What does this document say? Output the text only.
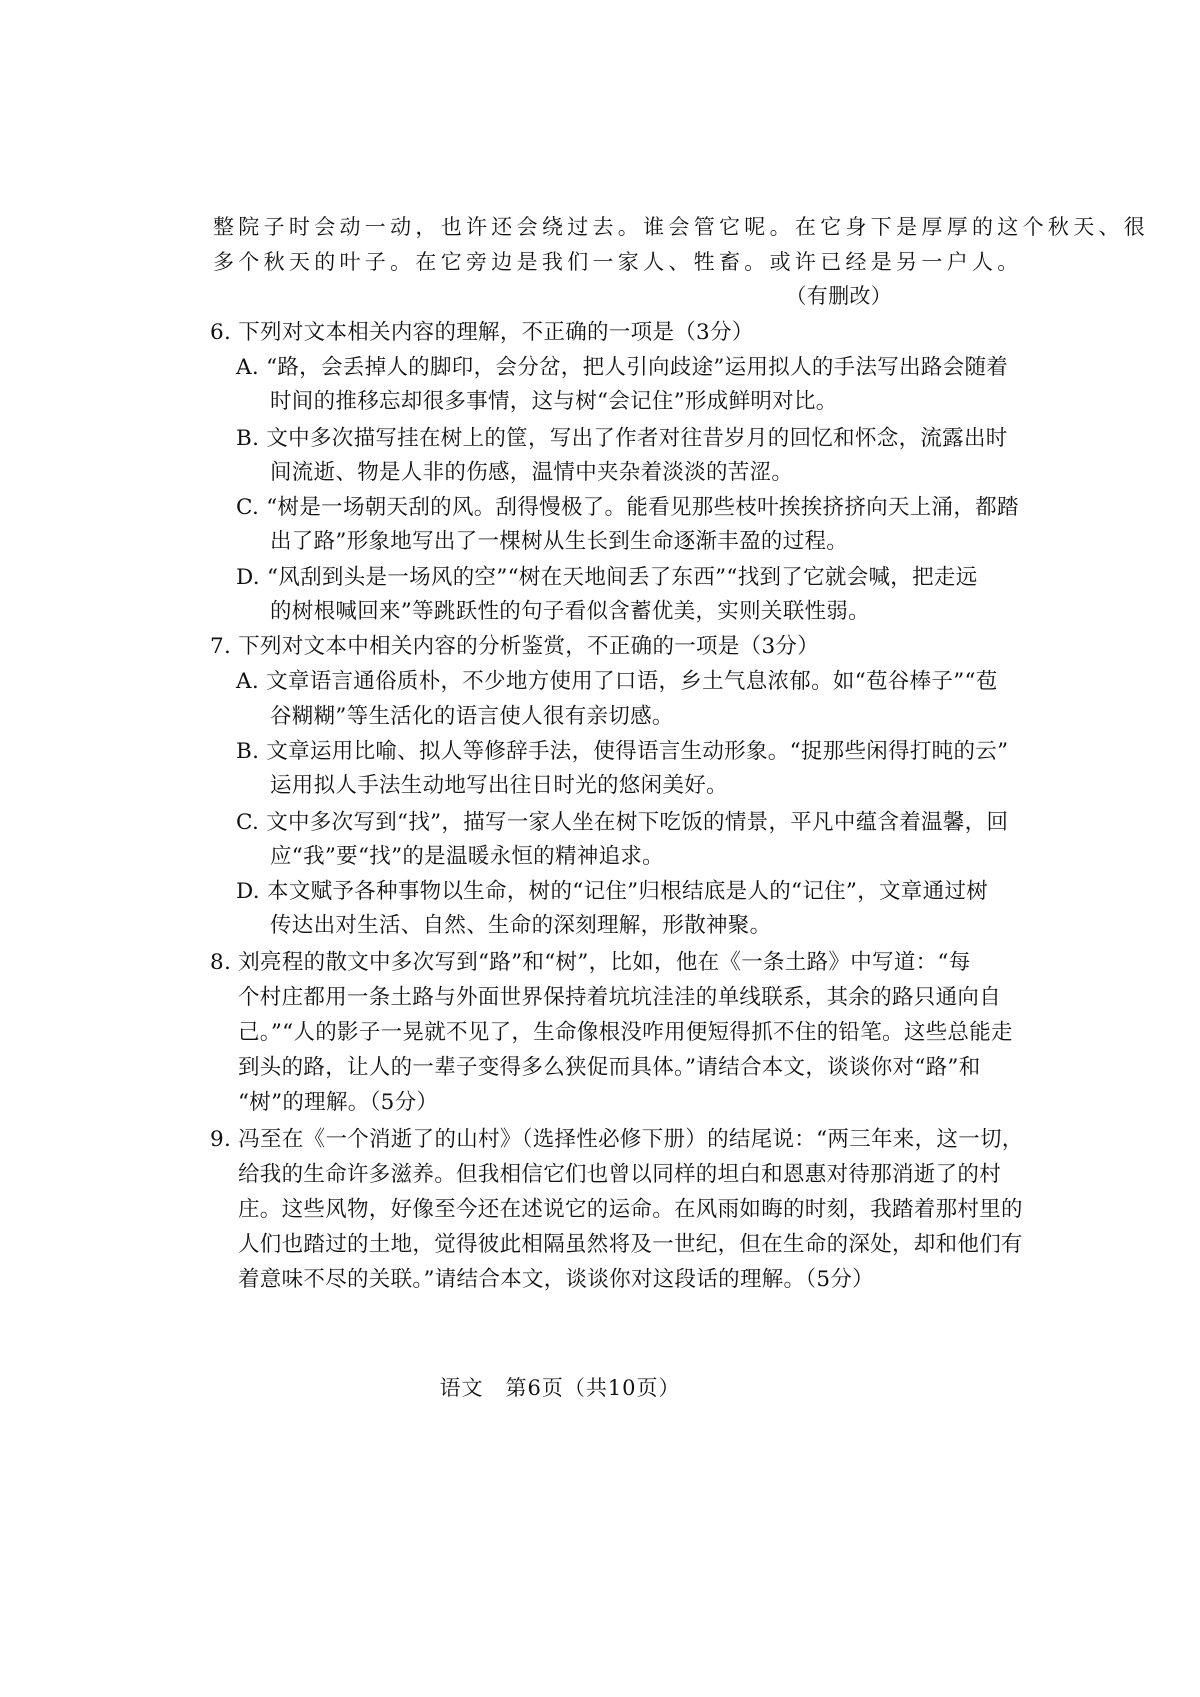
整院子时会动一动，也许还会绕过去。谁会管它呢。在它身下是厚厚的这个秋天、很
多个秋天的叶子。在它旁边是我们一家人、牲畜。或许已经是另一户人。
（有删改）
6. 下列对文本相关内容的理解，不正确的一项是（3分）
A. “路，会丢掉人的脚印，会分岔，把人引向歧途”运用拟人的手法写出路会随着
时间的推移忘却很多事情，这与树“会记住”形成鲜明对比。
B. 文中多次描写挂在树上的筐，写出了作者对往昔岁月的回忆和怀念，流露出时
间流逝、物是人非的伤感，温情中夹杂着淡淡的苦涩。
C. “树是一场朝天刮的风。刮得慢极了。能看见那些枝叶挨挨挤挤向天上涌，都踏
出了路”形象地写出了一棵树从生长到生命逐渐丰盈的过程。
D. “风刮到头是一场风的空”“树在天地间丢了东西”“找到了它就会喊，把走远
的树根喊回来”等跳跃性的句子看似含蓄优美，实则关联性弱。
7. 下列对文本中相关内容的分析鉴赏，不正确的一项是（3分）
A. 文章语言通俗质朴，不少地方使用了口语，乡土气息浓郁。如“苞谷棒子”“苞
谷糊糊”等生活化的语言使人很有亲切感。
B. 文章运用比喻、拟人等修辞手法，使得语言生动形象。“捉那些闲得打盹的云”
运用拟人手法生动地写出往日时光的悠闲美好。
C. 文中多次写到“找”，描写一家人坐在树下吃饭的情景，平凡中蕴含着温馨，回
应“我”要“找”的是温暖永恒的精神追求。
D. 本文赋予各种事物以生命，树的“记住”归根结底是人的“记住”，文章通过树
传达出对生活、自然、生命的深刻理解，形散神聚。
8. 刘亮程的散文中多次写到“路”和“树”，比如，他在《一条土路》中写道：“每
个村庄都用一条土路与外面世界保持着坑坑洼洼的单线联系，其余的路只通向自
己。”“人的影子一晃就不见了，生命像根没咋用便短得抓不住的铅笔。这些总能走
到头的路，让人的一辈子变得多么狭促而具体。”请结合本文，谈谈你对“路”和
“树”的理解。（5分）
9. 冯至在《一个消逝了的山村》（选择性必修下册）的结尾说：“两三年来，这一切，
给我的生命许多滋养。但我相信它们也曾以同样的坦白和恩惠对待那消逝了的村
庄。这些风物，好像至今还在述说它的运命。在风雨如晦的时刻，我踏着那村里的
人们也踏过的土地，觉得彼此相隔虽然将及一世纪，但在生命的深处，却和他们有
着意味不尽的关联。”请结合本文，谈谈你对这段话的理解。（5分）
语文　第6页（共10页）
